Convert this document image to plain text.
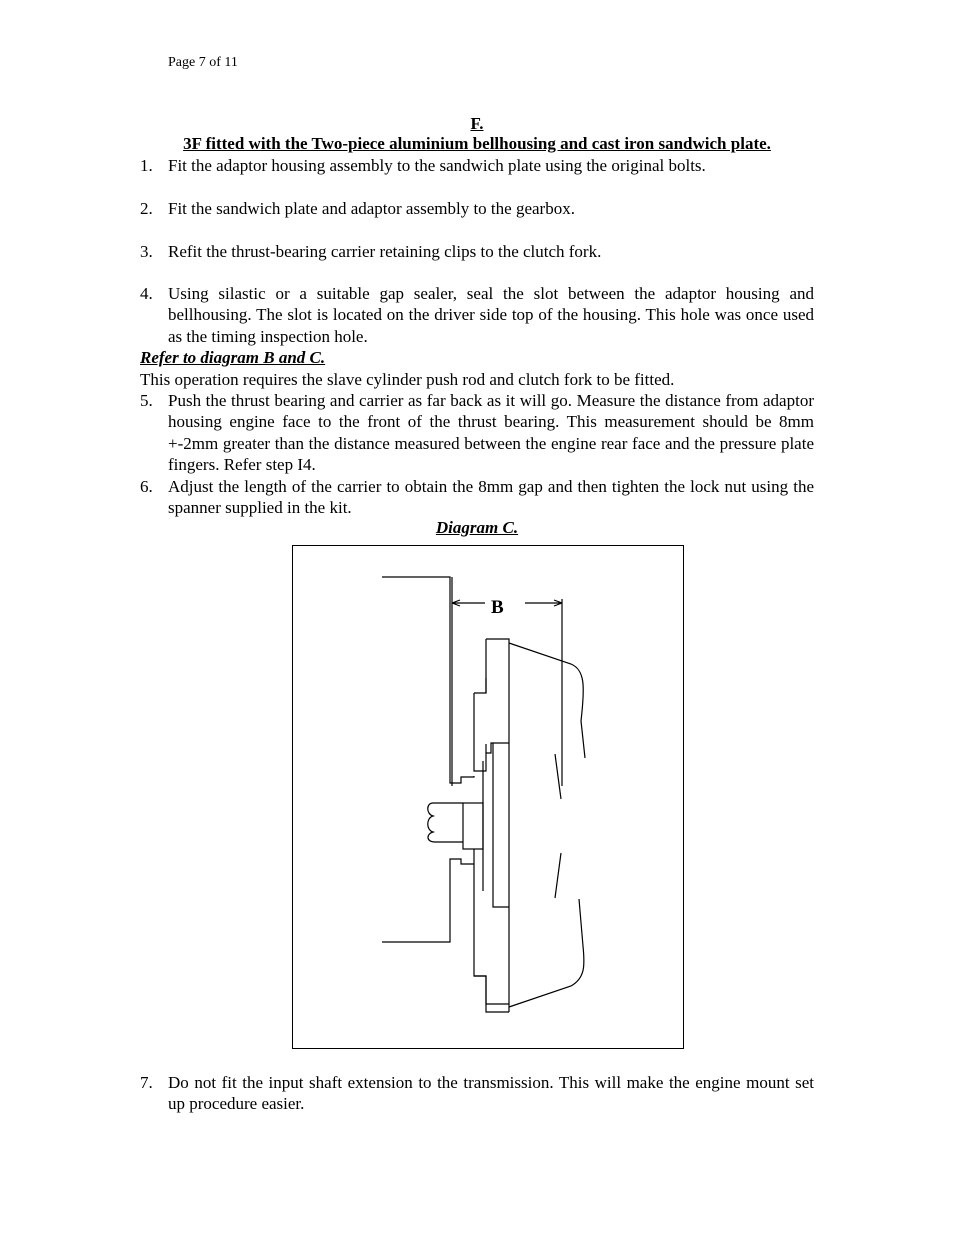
Page 7 of 11
F.
3F fitted with the Two-piece aluminium bellhousing and cast iron sandwich plate.
1. Fit the adaptor housing assembly to the sandwich plate using the original bolts.
2. Fit the sandwich plate and adaptor assembly to the gearbox.
3. Refit the thrust-bearing carrier retaining clips to the clutch fork.
4. Using silastic or a suitable gap sealer, seal the slot between the adaptor housing and bellhousing. The slot is located on the driver side top of the housing. This hole was once used as the timing inspection hole.
Refer to diagram B and C.
This operation requires the slave cylinder push rod and clutch fork to be fitted.
5. Push the thrust bearing and carrier as far back as it will go. Measure the distance from adaptor housing engine face to the front of the thrust bearing. This measurement should be 8mm +-2mm greater than the distance measured between the engine rear face and the pressure plate fingers. Refer step I4.
6. Adjust the length of the carrier to obtain the 8mm gap and then tighten the lock nut using the spanner supplied in the kit.
Diagram C.
B
7. Do not fit the input shaft extension to the transmission. This will make the engine mount set up procedure easier.
